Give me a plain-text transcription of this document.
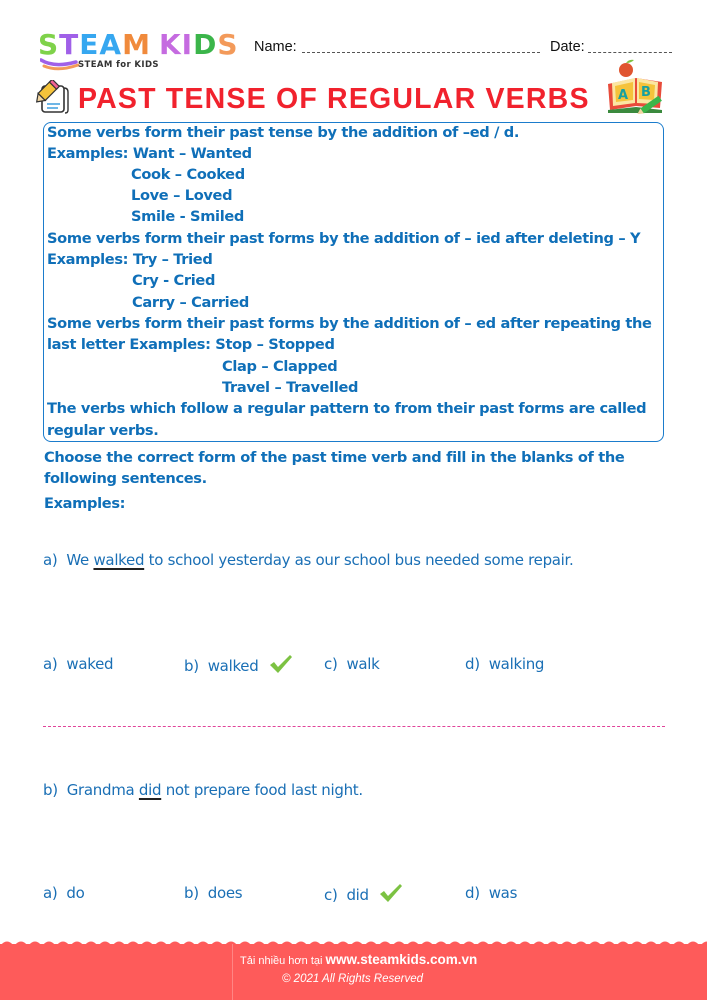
STEAM KIDS
STEAM for KIDS
Name:	Date:
PAST TENSE OF REGULAR VERBS A B
Some verbs form their past tense by the addition of –ed / d.
Examples: Want – Wanted
Cook – Cooked
Love – Loved
Smile - Smiled
Some verbs form their past forms by the addition of – ied after deleting – Y
Examples: Try – Tried
Cry - Cried
Carry – Carried
Some verbs form their past forms by the addition of – ed after repeating the
last letter Examples: Stop – Stopped
Clap – Clapped
Travel – Travelled
The verbs which follow a regular pattern to from their past forms are called
regular verbs.
Choose the correct form of the past time verb and fill in the blanks of the
following sentences.
Examples:
a) We walked to school yesterday as our school bus needed some repair.
a) waked	b) walked	c) walk	d) walking
b) Grandma did not prepare food last night.
a) do	b) does	c) did	d) was
Tải nhiều hơn tại www.steamkids.com.vn
© 2021 All Rights Reserved
